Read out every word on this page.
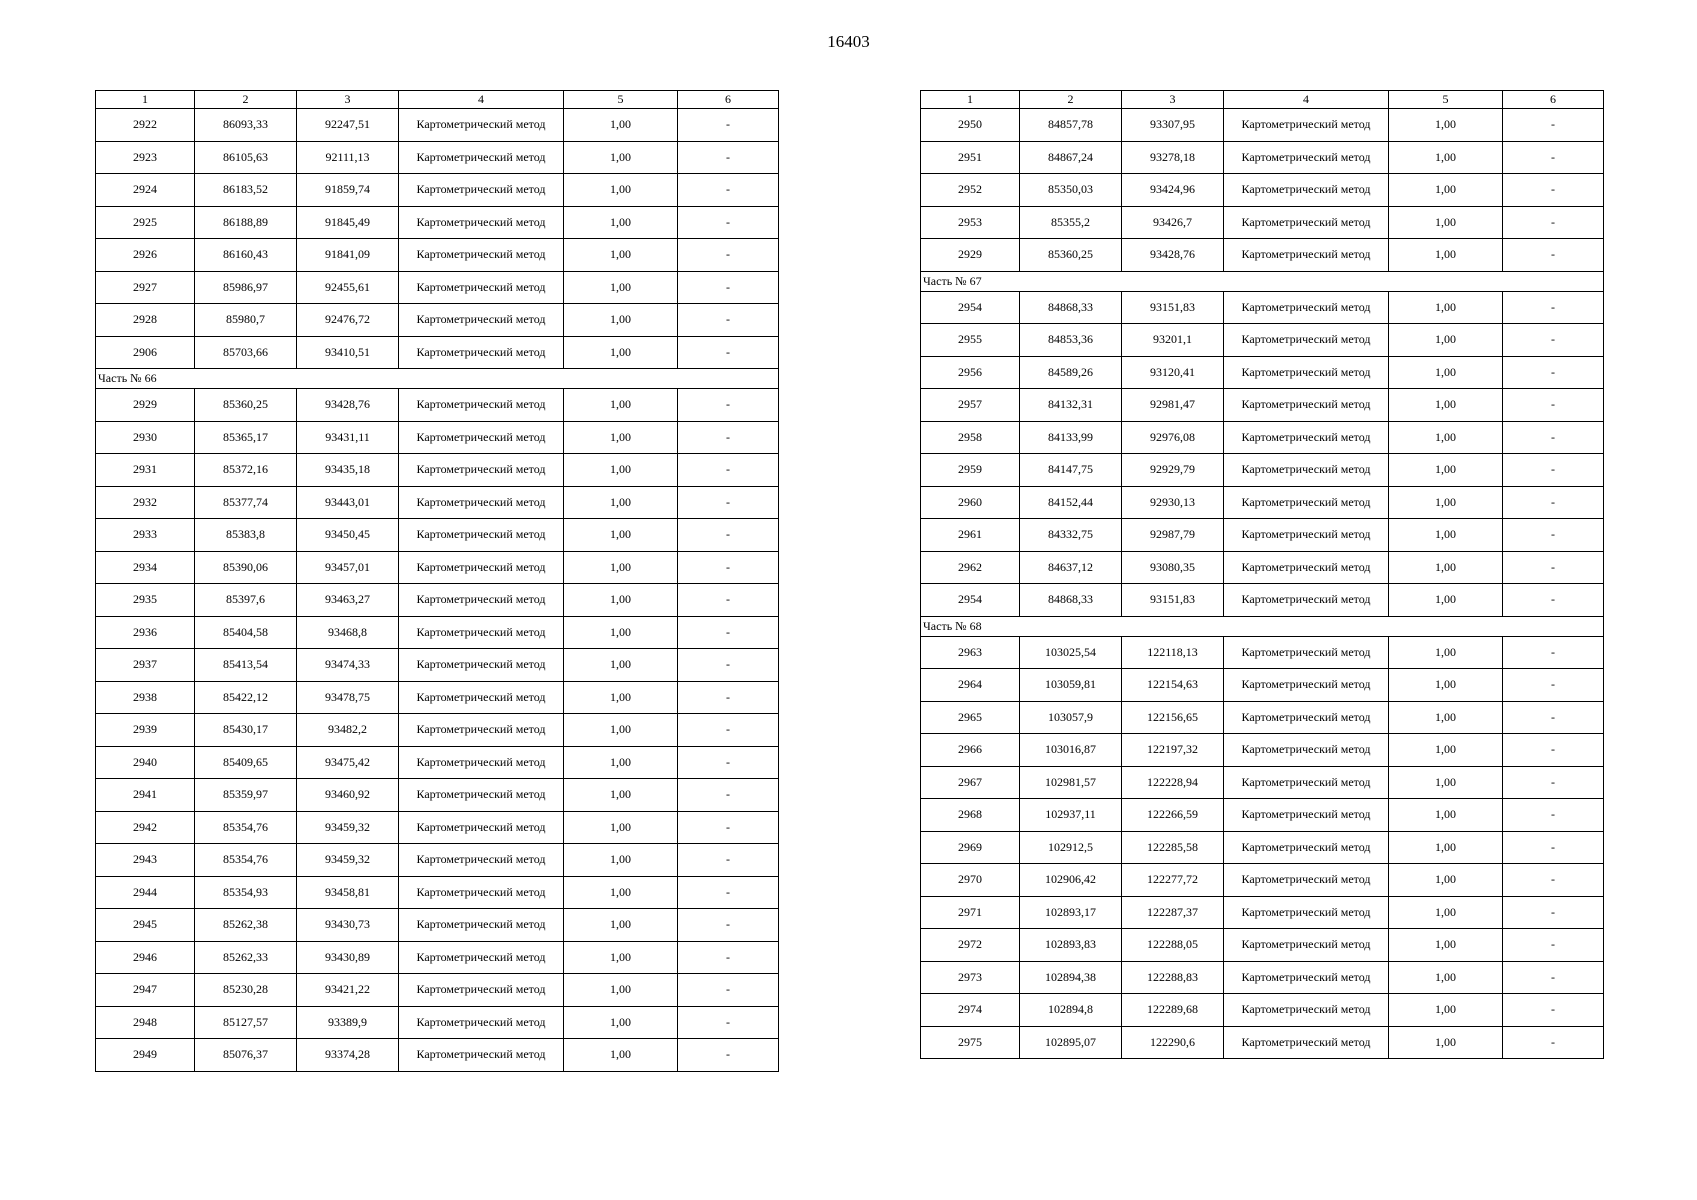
16403
1	2	3	4	5	6
2922	86093,33	92247,51	Картометрический метод	1,00	-
2923	86105,63	92111,13	Картометрический метод	1,00	-
2924	86183,52	91859,74	Картометрический метод	1,00	-
2925	86188,89	91845,49	Картометрический метод	1,00	-
2926	86160,43	91841,09	Картометрический метод	1,00	-
2927	85986,97	92455,61	Картометрический метод	1,00	-
2928	85980,7	92476,72	Картометрический метод	1,00	-
2906	85703,66	93410,51	Картометрический метод	1,00	-
Часть № 66					
2929	85360,25	93428,76	Картометрический метод	1,00	-
2930	85365,17	93431,11	Картометрический метод	1,00	-
2931	85372,16	93435,18	Картометрический метод	1,00	-
2932	85377,74	93443,01	Картометрический метод	1,00	-
2933	85383,8	93450,45	Картометрический метод	1,00	-
2934	85390,06	93457,01	Картометрический метод	1,00	-
2935	85397,6	93463,27	Картометрический метод	1,00	-
2936	85404,58	93468,8	Картометрический метод	1,00	-
2937	85413,54	93474,33	Картометрический метод	1,00	-
2938	85422,12	93478,75	Картометрический метод	1,00	-
2939	85430,17	93482,2	Картометрический метод	1,00	-
2940	85409,65	93475,42	Картометрический метод	1,00	-
2941	85359,97	93460,92	Картометрический метод	1,00	-
2942	85354,76	93459,32	Картометрический метод	1,00	-
2943	85354,76	93459,32	Картометрический метод	1,00	-
2944	85354,93	93458,81	Картометрический метод	1,00	-
2945	85262,38	93430,73	Картометрический метод	1,00	-
2946	85262,33	93430,89	Картометрический метод	1,00	-
2947	85230,28	93421,22	Картометрический метод	1,00	-
2948	85127,57	93389,9	Картометрический метод	1,00	-
2949	85076,37	93374,28	Картометрический метод	1,00	-
1	2	3	4	5	6
2950	84857,78	93307,95	Картометрический метод	1,00	-
2951	84867,24	93278,18	Картометрический метод	1,00	-
2952	85350,03	93424,96	Картометрический метод	1,00	-
2953	85355,2	93426,7	Картометрический метод	1,00	-
2929	85360,25	93428,76	Картометрический метод	1,00	-
Часть № 67					
2954	84868,33	93151,83	Картометрический метод	1,00	-
2955	84853,36	93201,1	Картометрический метод	1,00	-
2956	84589,26	93120,41	Картометрический метод	1,00	-
2957	84132,31	92981,47	Картометрический метод	1,00	-
2958	84133,99	92976,08	Картометрический метод	1,00	-
2959	84147,75	92929,79	Картометрический метод	1,00	-
2960	84152,44	92930,13	Картометрический метод	1,00	-
2961	84332,75	92987,79	Картометрический метод	1,00	-
2962	84637,12	93080,35	Картометрический метод	1,00	-
2954	84868,33	93151,83	Картометрический метод	1,00	-
Часть № 68					
2963	103025,54	122118,13	Картометрический метод	1,00	-
2964	103059,81	122154,63	Картометрический метод	1,00	-
2965	103057,9	122156,65	Картометрический метод	1,00	-
2966	103016,87	122197,32	Картометрический метод	1,00	-
2967	102981,57	122228,94	Картометрический метод	1,00	-
2968	102937,11	122266,59	Картометрический метод	1,00	-
2969	102912,5	122285,58	Картометрический метод	1,00	-
2970	102906,42	122277,72	Картометрический метод	1,00	-
2971	102893,17	122287,37	Картометрический метод	1,00	-
2972	102893,83	122288,05	Картометрический метод	1,00	-
2973	102894,38	122288,83	Картометрический метод	1,00	-
2974	102894,8	122289,68	Картометрический метод	1,00	-
2975	102895,07	122290,6	Картометрический метод	1,00	-
